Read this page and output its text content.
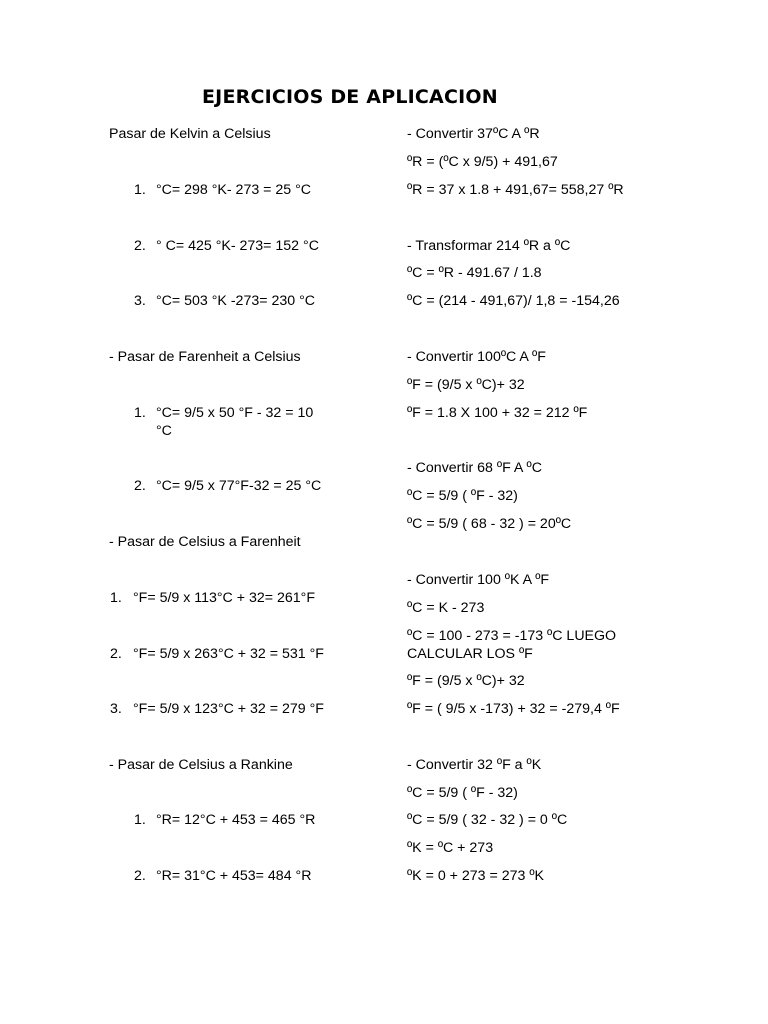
EJERCICIOS DE APLICACION
Pasar de Kelvin a Celsius
1. °C= 298 °K- 273 = 25 °C
2. ° C= 425 °K- 273= 152 °C
3. °C= 503 °K -273= 230 °C
- Pasar de Farenheit a Celsius
1. °C= 9/5 x 50 °F - 32 = 10
°C
2. °C= 9/5 x 77°F-32 = 25 °C
- Pasar de Celsius a Farenheit
1. °F= 5/9 x 113°C + 32= 261°F
2. °F= 5/9 x 263°C + 32 = 531 °F
3. °F= 5/9 x 123°C + 32 = 279 °F
- Pasar de Celsius a Rankine
1. °R= 12°C + 453 = 465 °R
2. °R= 31°C + 453= 484 °R
- Convertir 37ºC A ºR
ºR = (ºC x 9/5) + 491,67
ºR = 37 x 1.8 + 491,67= 558,27 ºR
- Transformar 214 ºR a ºC
ºC = ºR - 491.67 / 1.8
ºC = (214 - 491,67)/ 1,8 = -154,26
- Convertir 100ºC A ºF
ºF = (9/5 x ºC)+ 32
ºF = 1.8 X 100 + 32 = 212 ºF
- Convertir 68 ºF A ºC
ºC = 5/9 ( ºF - 32)
ºC = 5/9 ( 68 - 32 ) = 20ºC
- Convertir 100 ºK A ºF
ºC = K - 273
ºC = 100 - 273 = -173 ºC LUEGO
CALCULAR LOS ºF
ºF = (9/5 x ºC)+ 32
ºF = ( 9/5 x -173) + 32 = -279,4 ºF
- Convertir 32 ºF a ºK
ºC = 5/9 ( ºF - 32)
ºC = 5/9 ( 32 - 32 ) = 0 ºC
ºK = ºC + 273
ºK = 0 + 273 = 273 ºK
